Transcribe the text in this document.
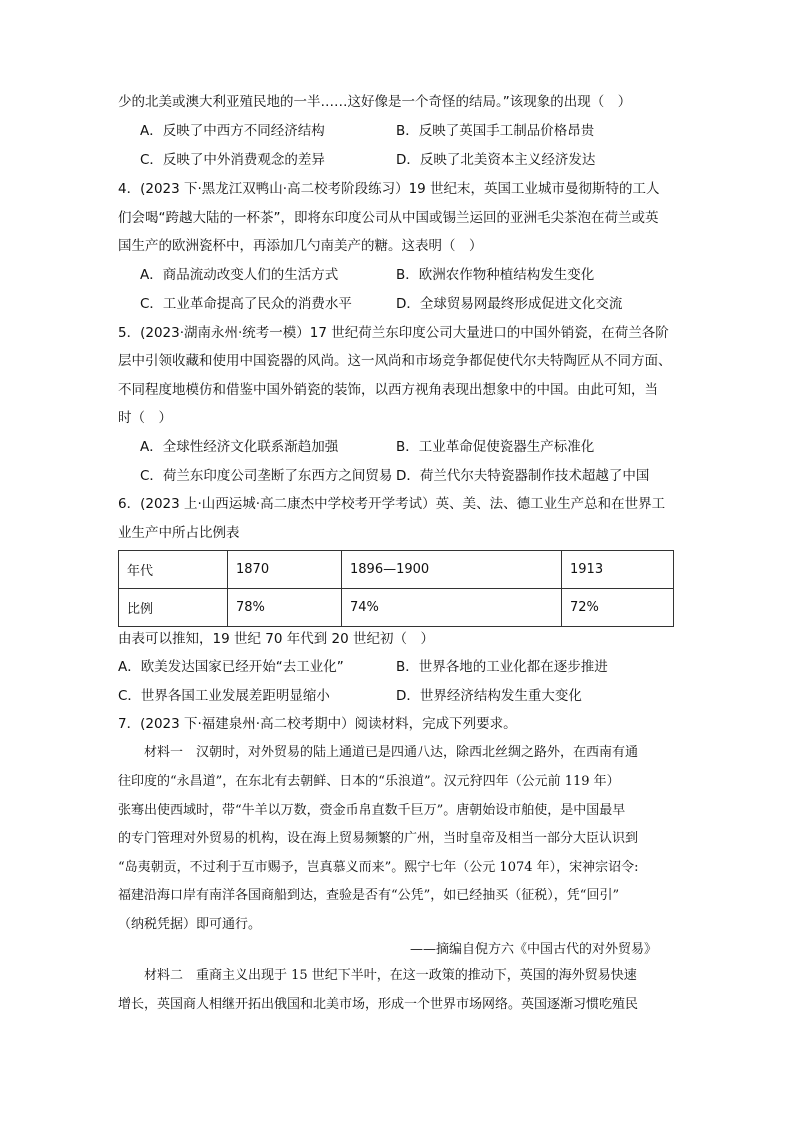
少的北美或澳大利亚殖民地的一半……这好像是一个奇怪的结局。”该现象的出现（　）
A．反映了中西方不同经济结构	B．反映了英国手工制品价格昂贵
C．反映了中外消费观念的差异	D．反映了北美资本主义经济发达
4．(2023 下·黑龙江双鸭山·高二校考阶段练习）19 世纪末，英国工业城市曼彻斯特的工人
们会喝“跨越大陆的一杯茶”，即将东印度公司从中国或锡兰运回的亚洲毛尖茶泡在荷兰或英
国生产的欧洲瓷杯中，再添加几勺南美产的糖。这表明（　）
A．商品流动改变人们的生活方式	B．欧洲农作物种植结构发生变化
C．工业革命提高了民众的消费水平	D．全球贸易网最终形成促进文化交流
5．(2023·湖南永州·统考一模）17 世纪荷兰东印度公司大量进口的中国外销瓷，在荷兰各阶
层中引领收藏和使用中国瓷器的风尚。这一风尚和市场竞争都促使代尔夫特陶匠从不同方面、
不同程度地模仿和借鉴中国外销瓷的装饰，以西方视角表现出想象中的中国。由此可知，当
时（　）
A．全球性经济文化联系渐趋加强	B．工业革命促使瓷器生产标准化
C．荷兰东印度公司垄断了东西方之间贸易 D．荷兰代尔夫特瓷器制作技术超越了中国
6．(2023 上·山西运城·高二康杰中学校考开学考试）英、美、法、德工业生产总和在世界工
业生产中所占比例表
年代	1870	1896—1900	1913
比例	78%	74%	72%
由表可以推知，19 世纪 70 年代到 20 世纪初（　）
A．欧美发达国家已经开始“去工业化”	B．世界各地的工业化都在逐步推进
C．世界各国工业发展差距明显缩小	D．世界经济结构发生重大变化
7．(2023 下·福建泉州·高二校考期中）阅读材料，完成下列要求。
材料一　汉朝时，对外贸易的陆上通道已是四通八达，除西北丝绸之路外，在西南有通
往印度的“永昌道”，在东北有去朝鲜、日本的“乐浪道”。汉元狩四年（公元前 119 年）
张骞出使西域时，带“牛羊以万数，赍金币帛直数千巨万”。唐朝始设市舶使，是中国最早
的专门管理对外贸易的机构，设在海上贸易频繁的广州，当时皇帝及相当一部分大臣认识到
“岛夷朝贡，不过利于互市赐予，岂真慕义而来”。熙宁七年（公元 1074 年），宋神宗诏令:
福建沿海口岸有南洋各国商船到达，查验是否有“公凭”，如已经抽买（征税），凭“回引”
（纳税凭据）即可通行。
——摘编自倪方六《中国古代的对外贸易》
材料二　重商主义出现于 15 世纪下半叶，在这一政策的推动下，英国的海外贸易快速
增长，英国商人相继开拓出俄国和北美市场，形成一个世界市场网络。英国逐渐习惯吃殖民
